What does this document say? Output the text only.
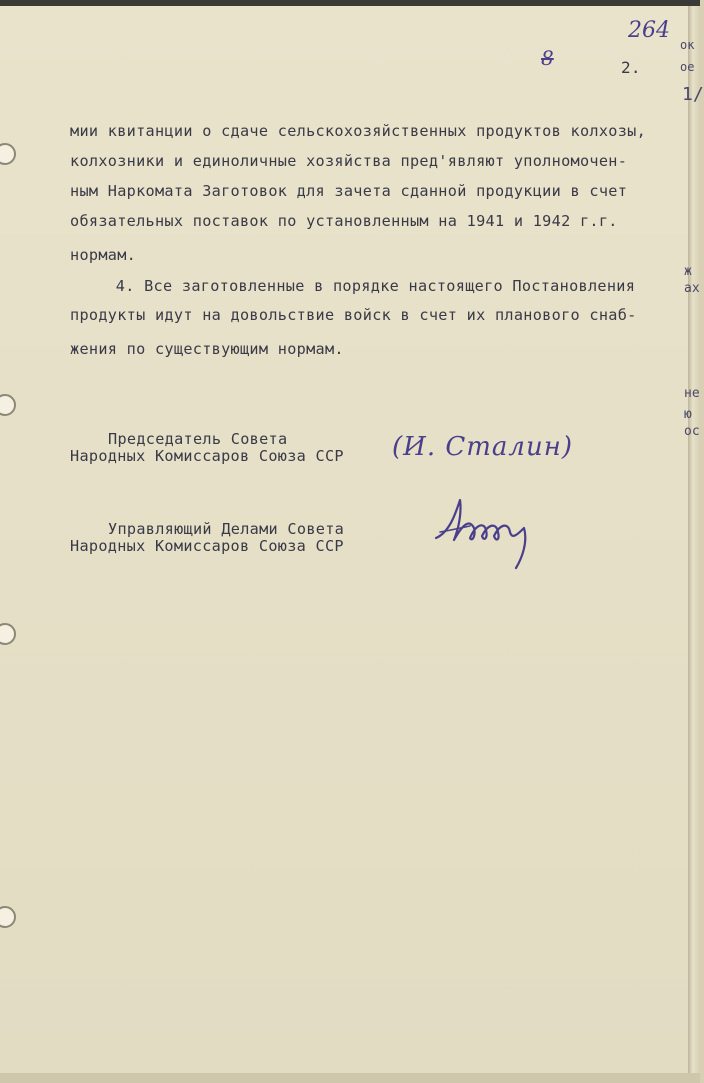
264
8	2.
ок
ое
1/
ж
ах
не
ю
ос
мии квитанции о сдаче сельскохозяйственных продуктов колхозы,
колхозники и единоличные хозяйства пред'являют уполномочен-
ным Наркомата Заготовок для зачета сданной продукции в счет
обязательных поставок по установленным на 1941 и 1942 г.г.
нормам.
4. Все заготовленные в порядке настоящего Постановления
продукты идут на довольствие войск в счет их планового снаб-
жения по существующим нормам.
Председатель Совета
Народных Комиссаров Союза ССР (И. Сталин)
Управляющий Делами Совета
Народных Комиссаров Союза ССР
